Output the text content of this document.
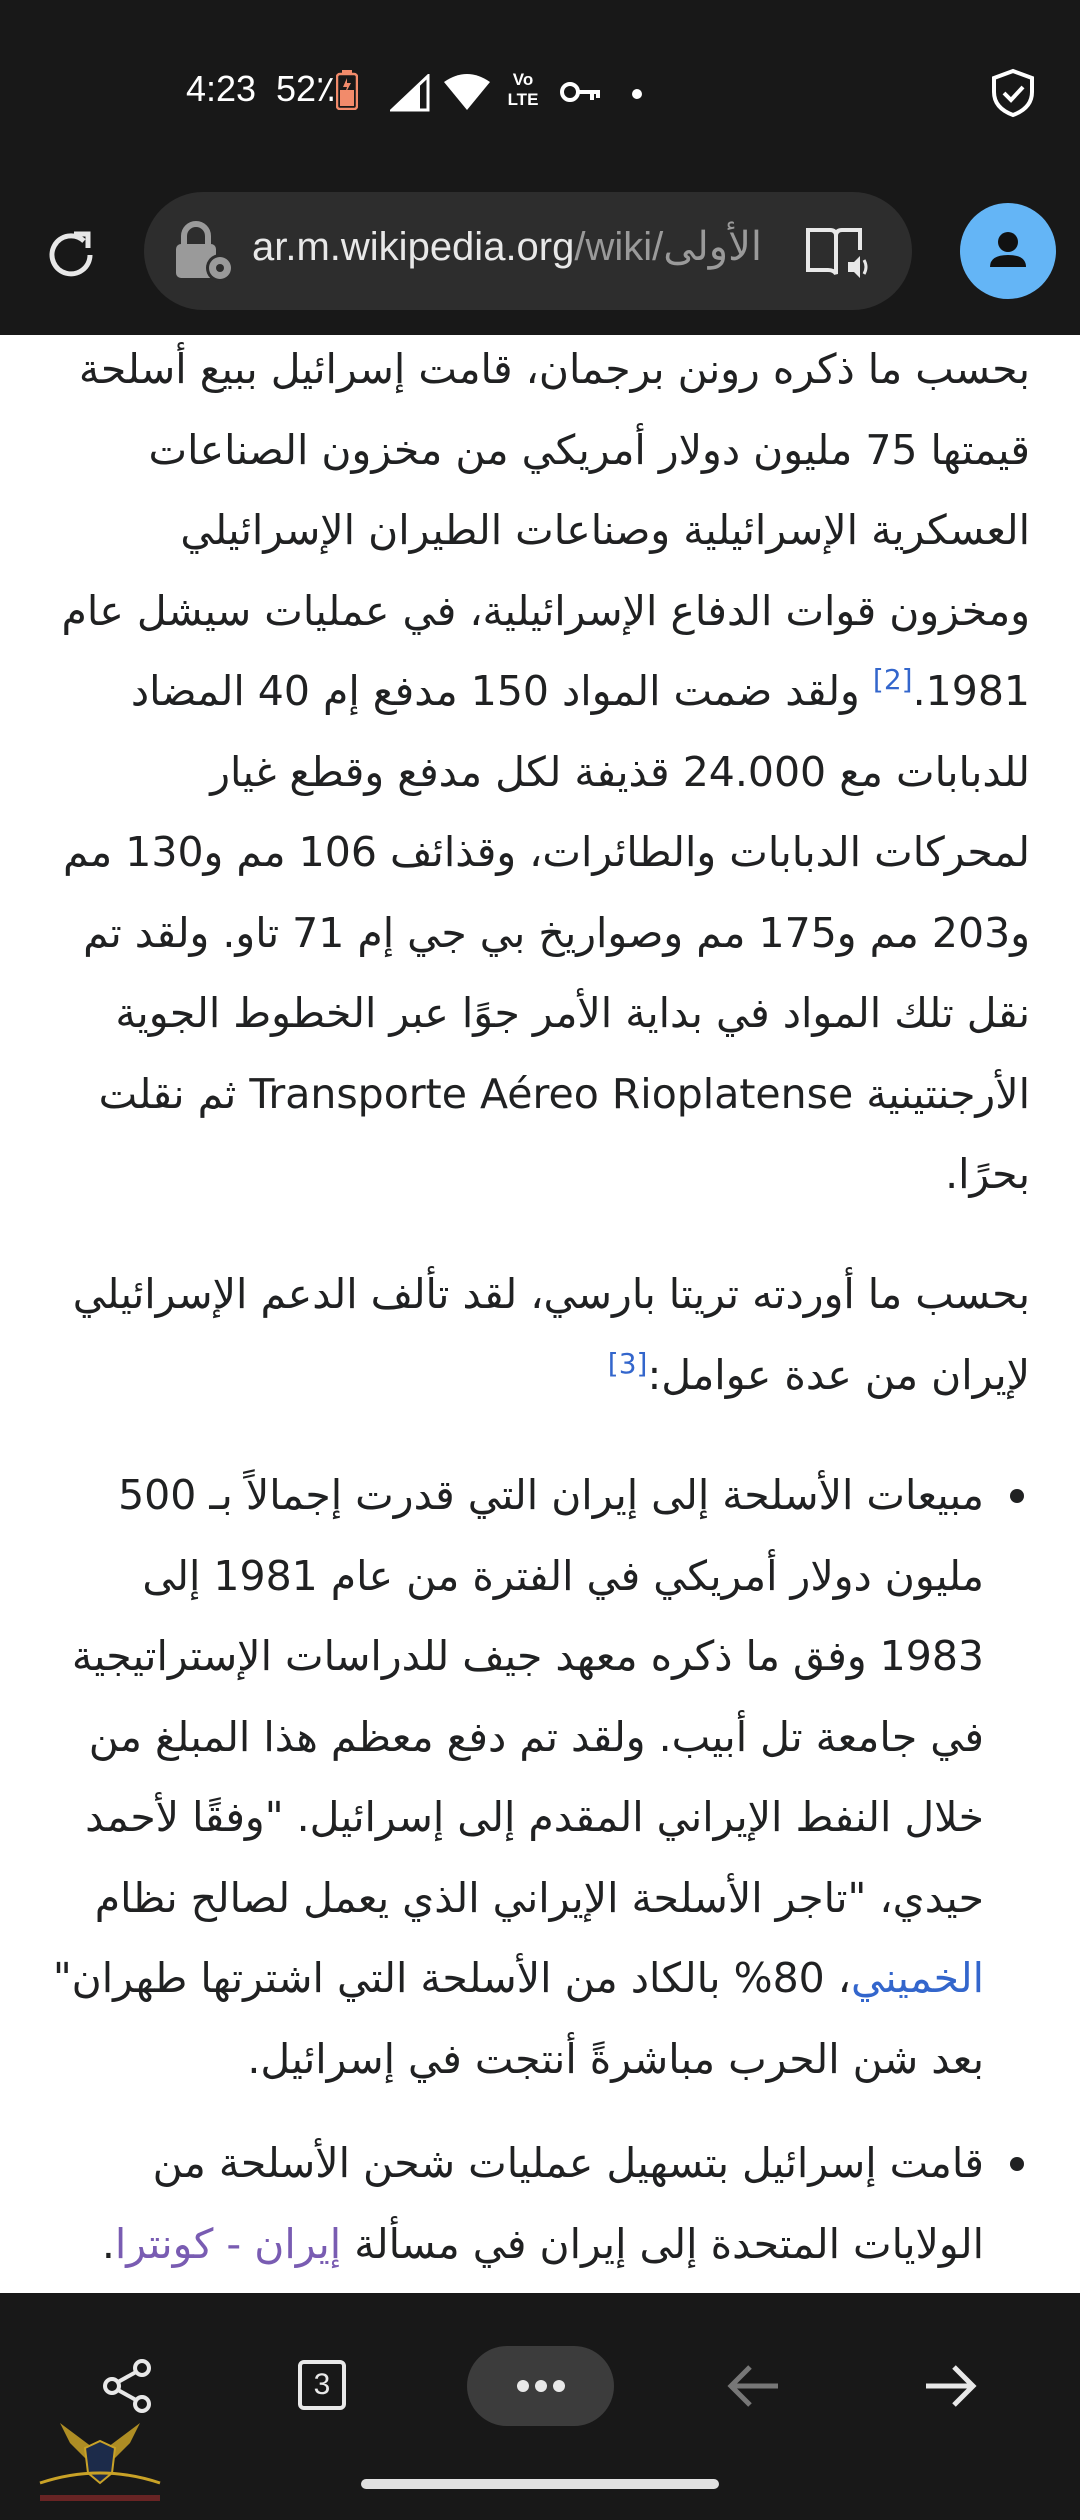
4:23 52٪	Vo LTE
ar.m.wikipedia.org/wiki/الأولى

بحسب ما ذكره رونن برجمان، قامت إسرائيل ببيع أسلحة قيمتها 75 مليون دولار أمريكي من مخزون الصناعات العسكرية الإسرائيلية وصناعات الطيران الإسرائيلي ومخزون قوات الدفاع الإسرائيلية، في عمليات سيشل عام 1981.[2] ولقد ضمت المواد 150 مدفع إم 40 المضاد للدبابات مع 24.000 قذيفة لكل مدفع وقطع غيار لمحركات الدبابات والطائرات، وقذائف 106 مم و130 مم و203 مم و175 مم وصواريخ بي جي إم 71 تاو. ولقد تم نقل تلك المواد في بداية الأمر جوًا عبر الخطوط الجوية الأرجنتينية Transporte Aéreo Rioplatense ثم نقلت بحرًا.

بحسب ما أوردته تريتا بارسي، لقد تألف الدعم الإسرائيلي لإيران من عدة عوامل:[3]

مبيعات الأسلحة إلى إيران التي قدرت إجمالاً بـ 500 مليون دولار أمريكي في الفترة من عام 1981 إلى 1983 وفق ما ذكره معهد جيف للدراسات الإستراتيجية في جامعة تل أبيب. ولقد تم دفع معظم هذا المبلغ من خلال النفط الإيراني المقدم إلى إسرائيل. "وفقًا لأحمد حيدي، "تاجر الأسلحة الإيراني الذي يعمل لصالح نظام الخميني، 80% بالكاد من الأسلحة التي اشترتها طهران" بعد شن الحرب مباشرةً أنتجت في إسرائيل.
قامت إسرائيل بتسهيل عمليات شحن الأسلحة من الولايات المتحدة إلى إيران في مسألة إيران - كونترا.
3
